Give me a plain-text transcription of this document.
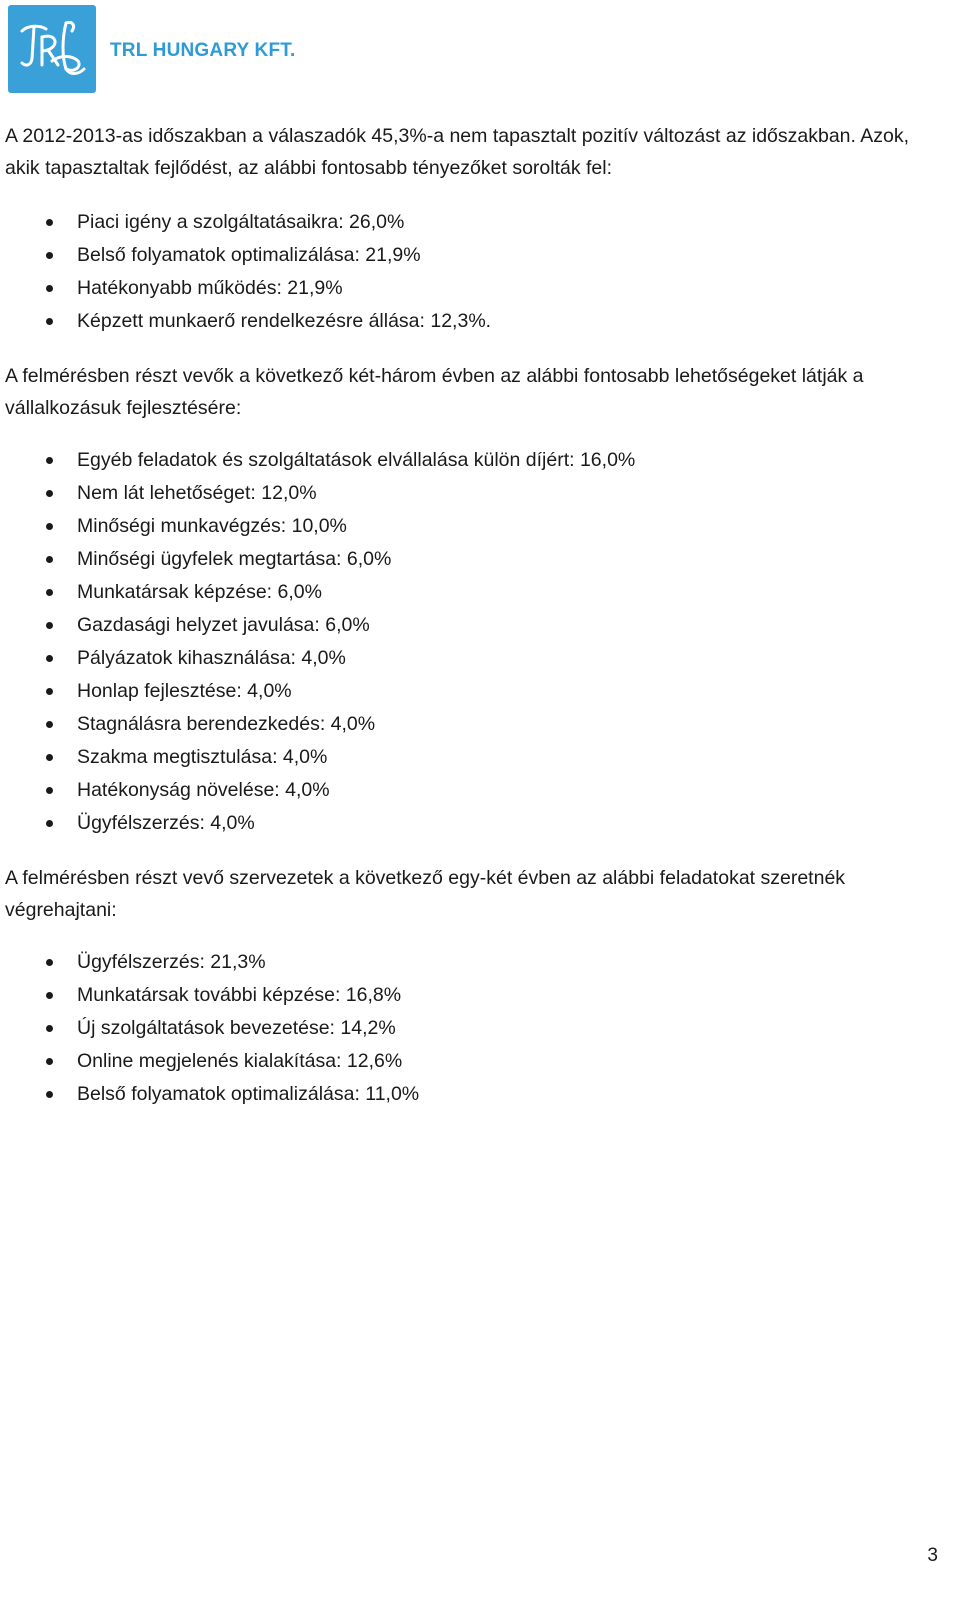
TRL HUNGARY KFT.

A 2012-2013-as időszakban a válaszadók 45,3%-a nem tapasztalt pozitív változást az időszakban. Azok, akik tapasztaltak fejlődést, az alábbi fontosabb tényezőket sorolták fel:

Piaci igény a szolgáltatásaikra: 26,0%
Belső folyamatok optimalizálása: 21,9%
Hatékonyabb működés: 21,9%
Képzett munkaerő rendelkezésre állása: 12,3%.

A felmérésben részt vevők a következő két-három évben az alábbi fontosabb lehetőségeket látják a vállalkozásuk fejlesztésére:

Egyéb feladatok és szolgáltatások elvállalása külön díjért: 16,0%
Nem lát lehetőséget: 12,0%
Minőségi munkavégzés: 10,0%
Minőségi ügyfelek megtartása: 6,0%
Munkatársak képzése: 6,0%
Gazdasági helyzet javulása: 6,0%
Pályázatok kihasználása: 4,0%
Honlap fejlesztése: 4,0%
Stagnálásra berendezkedés: 4,0%
Szakma megtisztulása: 4,0%
Hatékonyság növelése: 4,0%
Ügyfélszerzés: 4,0%

A felmérésben részt vevő szervezetek a következő egy-két évben az alábbi feladatokat szeretnék végrehajtani:

Ügyfélszerzés: 21,3%
Munkatársak további képzése: 16,8%
Új szolgáltatások bevezetése: 14,2%
Online megjelenés kialakítása: 12,6%
Belső folyamatok optimalizálása: 11,0%
3
